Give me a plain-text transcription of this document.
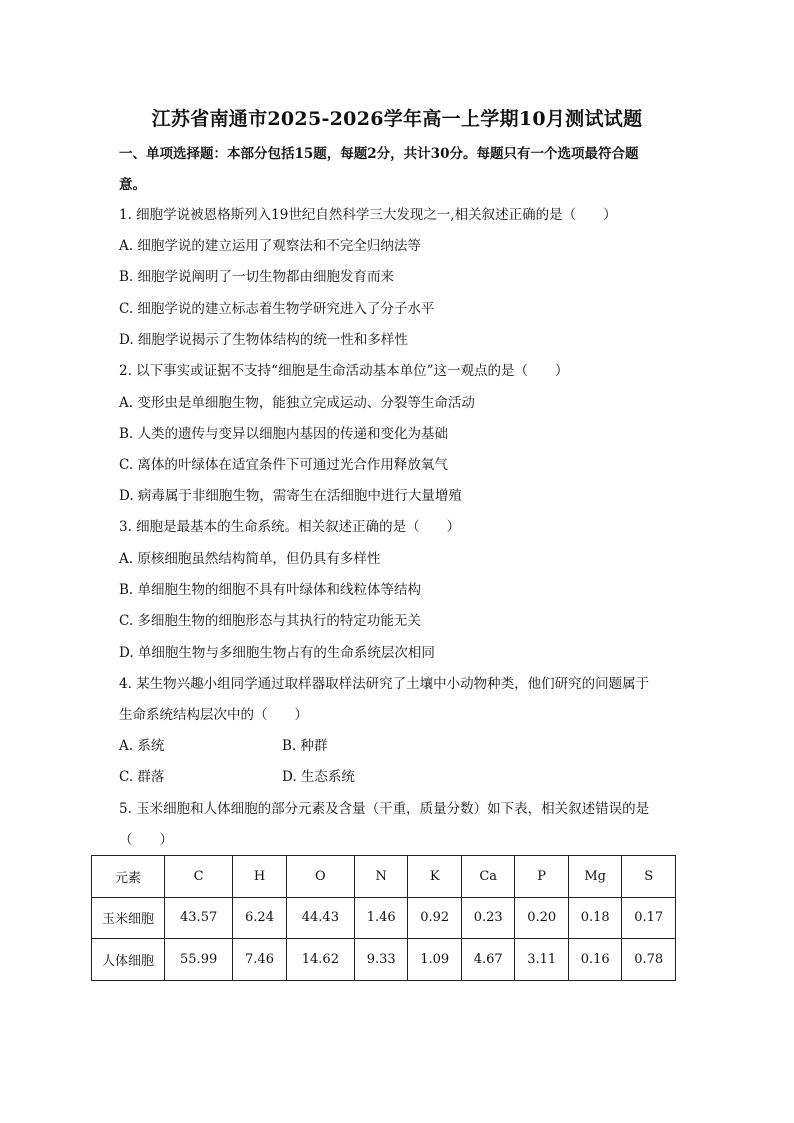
江苏省南通市2025-2026学年高一上学期10月测试试题
一、单项选择题：本部分包括15题，每题2分，共计30分。每题只有一个选项最符合题
意。
1. 细胞学说被恩格斯列入19世纪自然科学三大发现之一,相关叙述正确的是（　　）
A. 细胞学说的建立运用了观察法和不完全归纳法等
B. 细胞学说阐明了一切生物都由细胞发育而来
C. 细胞学说的建立标志着生物学研究进入了分子水平
D. 细胞学说揭示了生物体结构的统一性和多样性
2. 以下事实或证据不支持“细胞是生命活动基本单位”这一观点的是（　　）
A. 变形虫是单细胞生物，能独立完成运动、分裂等生命活动
B. 人类的遗传与变异以细胞内基因的传递和变化为基础
C. 离体的叶绿体在适宜条件下可通过光合作用释放氧气
D. 病毒属于非细胞生物，需寄生在活细胞中进行大量增殖
3. 细胞是最基本的生命系统。相关叙述正确的是（　　）
A. 原核细胞虽然结构简单，但仍具有多样性
B. 单细胞生物的细胞不具有叶绿体和线粒体等结构
C. 多细胞生物的细胞形态与其执行的特定功能无关
D. 单细胞生物与多细胞生物占有的生命系统层次相同
4. 某生物兴趣小组同学通过取样器取样法研究了土壤中小动物种类，他们研究的问题属于
生命系统结构层次中的（　　）
A. 系统	B. 种群
C. 群落	D. 生态系统
5. 玉米细胞和人体细胞的部分元素及含量（干重，质量分数）如下表，相关叙述错误的是
（　　）
元素	C	H	O	N	K	Ca	P	Mg	S
玉米细胞	43.57	6.24	44.43	1.46	0.92	0.23	0.20	0.18	0.17
人体细胞	55.99	7.46	14.62	9.33	1.09	4.67	3.11	0.16	0.78
